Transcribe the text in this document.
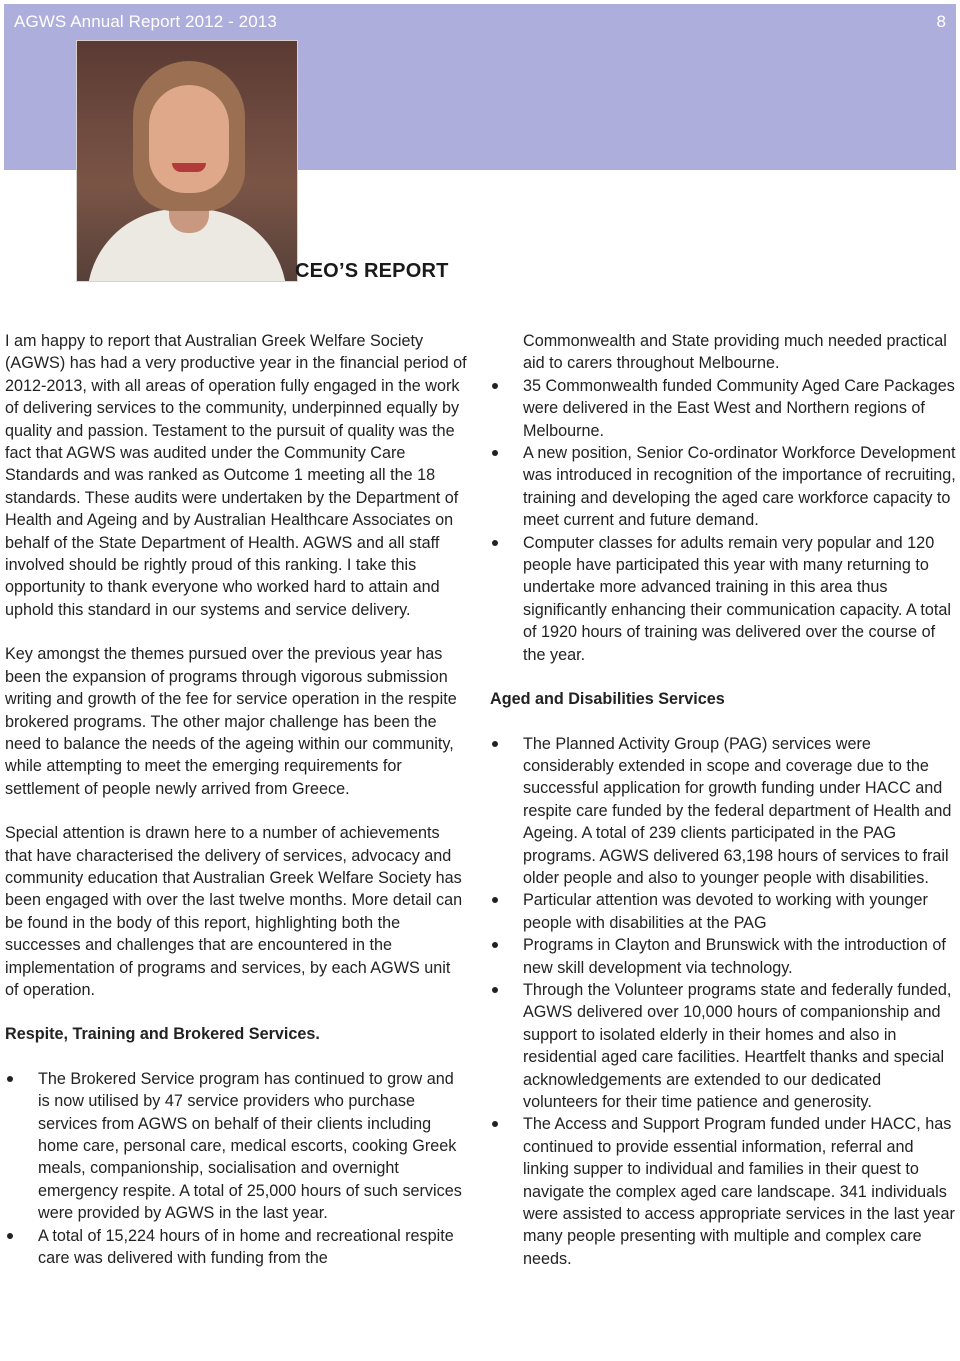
AGWS Annual Report 2012 - 2013	8
CEO’S REPORT

I am happy to report that Australian Greek Welfare Society (AGWS) has had a very productive year in the financial period of 2012-2013, with all areas of operation fully engaged in the work of delivering services to the community, underpinned equally by quality and passion. Testament to the pursuit of quality was the fact that AGWS was audited under the Community Care Standards and was ranked as Outcome 1 meeting all the 18 standards. These audits were undertaken by the Department of Health and Ageing and by Australian Healthcare Associates on behalf of the State Department of Health. AGWS and all staff involved should be rightly proud of this ranking. I take this opportunity to thank everyone who worked hard to attain and uphold this standard in our systems and service delivery.

Key amongst the themes pursued over the previous year has been the expansion of programs through vigorous submission writing and growth of the fee for service operation in the respite brokered programs. The other major challenge has been the need to balance the needs of the ageing within our community, while attempting to meet the emerging requirements for settlement of people newly arrived from Greece.

Special attention is drawn here to a number of achievements that have characterised the delivery of services, advocacy and community education that Australian Greek Welfare Society has been engaged with over the last twelve months. More detail can be found in the body of this report, highlighting both the successes and challenges that are encountered in the implementation of programs and services, by each AGWS unit of operation.

Respite, Training and Brokered Services.
The Brokered Service program has continued to grow and is now utilised by 47 service providers who purchase services from AGWS on behalf of their clients including home care, personal care, medical escorts, cooking Greek meals, companionship, socialisation and overnight emergency respite. A total of 25,000 hours of such services were provided by AGWS in the last year.
A total of 15,224 hours of in home and recreational respite care was delivered with funding from the
Commonwealth and State providing much needed practical aid to carers throughout Melbourne.
35 Commonwealth funded Community Aged Care Packages were delivered in the East West and Northern regions of Melbourne.
A new position, Senior Co-ordinator Workforce Development was introduced in recognition of the importance of recruiting, training and developing the aged care workforce capacity to meet current and future demand.
Computer classes for adults remain very popular and 120 people have participated this year with many returning to undertake more advanced training in this area thus significantly enhancing their communication capacity. A total of 1920 hours of training was delivered over the course of the year.
Aged and Disabilities Services
The Planned Activity Group (PAG) services were considerably extended in scope and coverage due to the successful application for growth funding under HACC and respite care funded by the federal department of Health and Ageing. A total of 239 clients participated in the PAG programs. AGWS delivered 63,198 hours of services to frail older people and also to younger people with disabilities.
Particular attention was devoted to working with younger people with disabilities at the PAG
Programs in Clayton and Brunswick with the introduction of new skill development via technology.
Through the Volunteer programs state and federally funded, AGWS delivered over 10,000 hours of companionship and support to isolated elderly in their homes and also in residential aged care facilities. Heartfelt thanks and special acknowledgements are extended to our dedicated volunteers for their time patience and generosity.
The Access and Support Program funded under HACC, has continued to provide essential information, referral and linking supper to individual and families in their quest to navigate the complex aged care landscape. 341 individuals were assisted to access appropriate services in the last year many people presenting with multiple and complex care needs.
